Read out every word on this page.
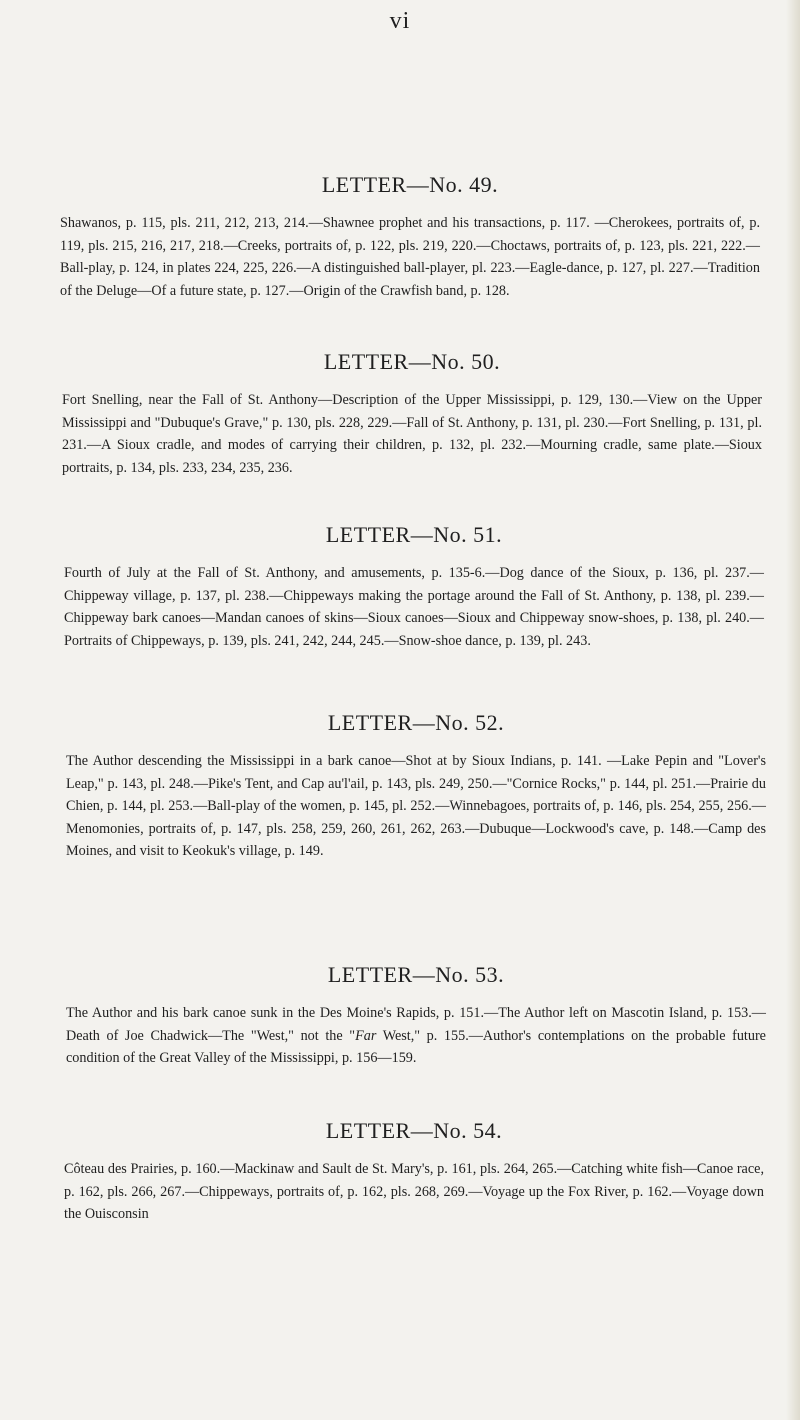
vi

LETTER—No. 49.

Shawanos, p. 115, pls. 211, 212, 213, 214.—Shawnee prophet and his transactions, p. 117. —Cherokees, portraits of, p. 119, pls. 215, 216, 217, 218.—Creeks, portraits of, p. 122, pls. 219, 220.—Choctaws, portraits of, p. 123, pls. 221, 222.—Ball-play, p. 124, in plates 224, 225, 226.—A distinguished ball-player, pl. 223.—Eagle-dance, p. 127, pl. 227.—Tradition of the Deluge—Of a future state, p. 127.—Origin of the Crawfish band, p. 128.

LETTER—No. 50.

Fort Snelling, near the Fall of St. Anthony—Description of the Upper Mississippi, p. 129, 130.—View on the Upper Mississippi and "Dubuque's Grave," p. 130, pls. 228, 229.—Fall of St. Anthony, p. 131, pl. 230.—Fort Snelling, p. 131, pl. 231.—A Sioux cradle, and modes of carrying their children, p. 132, pl. 232.—Mourning cradle, same plate.—Sioux portraits, p. 134, pls. 233, 234, 235, 236.

LETTER—No. 51.

Fourth of July at the Fall of St. Anthony, and amusements, p. 135-6.—Dog dance of the Sioux, p. 136, pl. 237.—Chippeway village, p. 137, pl. 238.—Chippeways making the portage around the Fall of St. Anthony, p. 138, pl. 239.—Chippeway bark canoes—Mandan canoes of skins—Sioux canoes—Sioux and Chippeway snow-shoes, p. 138, pl. 240.—Portraits of Chippeways, p. 139, pls. 241, 242, 244, 245.—Snow-shoe dance, p. 139, pl. 243.

LETTER—No. 52.

The Author descending the Mississippi in a bark canoe—Shot at by Sioux Indians, p. 141. —Lake Pepin and "Lover's Leap," p. 143, pl. 248.—Pike's Tent, and Cap au'l'ail, p. 143, pls. 249, 250.—"Cornice Rocks," p. 144, pl. 251.—Prairie du Chien, p. 144, pl. 253.—Ball-play of the women, p. 145, pl. 252.—Winnebagoes, portraits of, p. 146, pls. 254, 255, 256.—Menomonies, portraits of, p. 147, pls. 258, 259, 260, 261, 262, 263.—Dubuque—Lockwood's cave, p. 148.—Camp des Moines, and visit to Keokuk's village, p. 149.

LETTER—No. 53.

The Author and his bark canoe sunk in the Des Moine's Rapids, p. 151.—The Author left on Mascotin Island, p. 153.—Death of Joe Chadwick—The "West," not the "Far West," p. 155.—Author's contemplations on the probable future condition of the Great Valley of the Mississippi, p. 156—159.

LETTER—No. 54.

Côteau des Prairies, p. 160.—Mackinaw and Sault de St. Mary's, p. 161, pls. 264, 265.—Catching white fish—Canoe race, p. 162, pls. 266, 267.—Chippeways, portraits of, p. 162, pls. 268, 269.—Voyage up the Fox River, p. 162.—Voyage down the Ouisconsin
